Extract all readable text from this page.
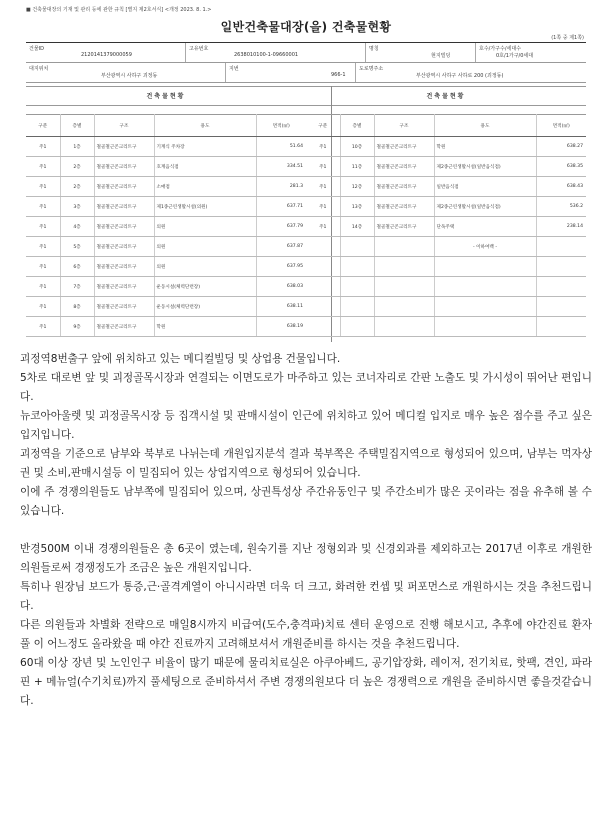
■ 건축물대장의 기재 및 관리 등에 관한 규칙 [별지 제2호서식] <개정 2023. 8. 1.>
일반건축물대장(을) 건축물현황
(1쪽 중 제1쪽)
건물ID
2120141379000059
고유번호
2638010100-1-09660001
명칭
현지빌딩
호수/가구수/세대수
0호/1가구/0세대
대지위치
부산광역시 사하구 괴정동
지번
966-1
도로명주소
부산광역시 사하구 사하로 200 (괴정동)
건축물현황	건축물현황
구분	층별	구조	용도	면적(㎡)
주1	1층	철골철근콘크리트구	기계식 주차장	51.64
주1	2층	철골철근콘크리트구	호계음식점	334.51
주1	2층	철골철근콘크리트구	소매점	281.3
주1	3층	철골철근콘크리트구	제1종근린생활시설(의원)	637.71
주1	4층	철골철근콘크리트구	의원	637.79
주1	5층	철골철근콘크리트구	의원	637.87
주1	6층	철골철근콘크리트구	의원	637.95
주1	7층	철골철근콘크리트구	운동시설(체력단련장)	638.03
주1	8층	철골철근콘크리트구	운동시설(체력단련장)	638.11
주1	9층	철골철근콘크리트구	학원	638.19
구분	층별	구조	용도	면적(㎡)
주1	10층	철골철근콘크리트구	학원	638.27
주1	11층	철골철근콘크리트구	제2종근린생활시설(일반음식점)	638.35
주1	12층	철골철근콘크리트구	일반음식점	638.43
주1	13층	철골철근콘크리트구	제2종근린생활시설(일반음식점)	536.2
주1	14층	철골철근콘크리트구	단독주택	238.14
			- 이하여백 -	

괴정역8번출구 앞에 위치하고 있는 메디컬빌딩 및 상업용 건물입니다.

5차로 대로변 앞 및 괴정골목시장과 연결되는 이면도로가 마주하고 있는 코너자리로 간판 노출도 및 가시성이 뛰어난 편입니다.

뉴코아아울렛 및 괴정골목시장 등 집객시설 및 판매시설이 인근에 위치하고 있어 메디컬 입지로 매우 높은 점수를 주고 싶은 입지입니다.

괴정역을 기준으로 남부와 북부로 나뉘는데 개원입지분석 결과 북부쪽은 주택밀집지역으로 형성되어 있으며, 남부는 먹자상권 및 소비,판매시설등 이 밀집되어 있는 상업지역으로 형성되어 있습니다.

이에 주 경쟁의원들도 남부쪽에 밀집되어 있으며, 상권특성상 주간유동인구 및 주간소비가 많은 곳이라는 점을 유추해 볼 수있습니다.

반경500M 이내 경쟁의원들은 총 6곳이 였는데, 원숙기를 지난 정형외과 및 신경외과를 제외하고는 2017년 이후로 개원한 의원들로써 경쟁정도가 조금은 높은 개원지입니다.

특히나 원장님 보드가 통증,근·골격계열이 아니시라면 더욱 더 크고, 화려한 컨셉 및 퍼포먼스로 개원하시는 것을 추천드립니다.

다른 의원들과 차별화 전략으로 매일8시까지 비급여(도수,충격파)치료 센터 운영으로 진행 해보시고, 추후에 야간진료 환자 풀 이 어느정도 올라왔을 때 야간 진료까지 고려해보셔서 개원준비를 하시는 것을 추천드립니다.

60대 이상 장년 및 노인인구 비율이 많기 때문에 물리치료실은 아쿠아베드, 공기압장화, 레이저, 전기치료, 핫팩, 견인, 파라핀 + 메뉴얼(수기치료)까지 풀세팅으로 준비하셔서 주변 경쟁의원보다 더 높은 경쟁력으로 개원을 준비하시면 좋을것같습니다.
